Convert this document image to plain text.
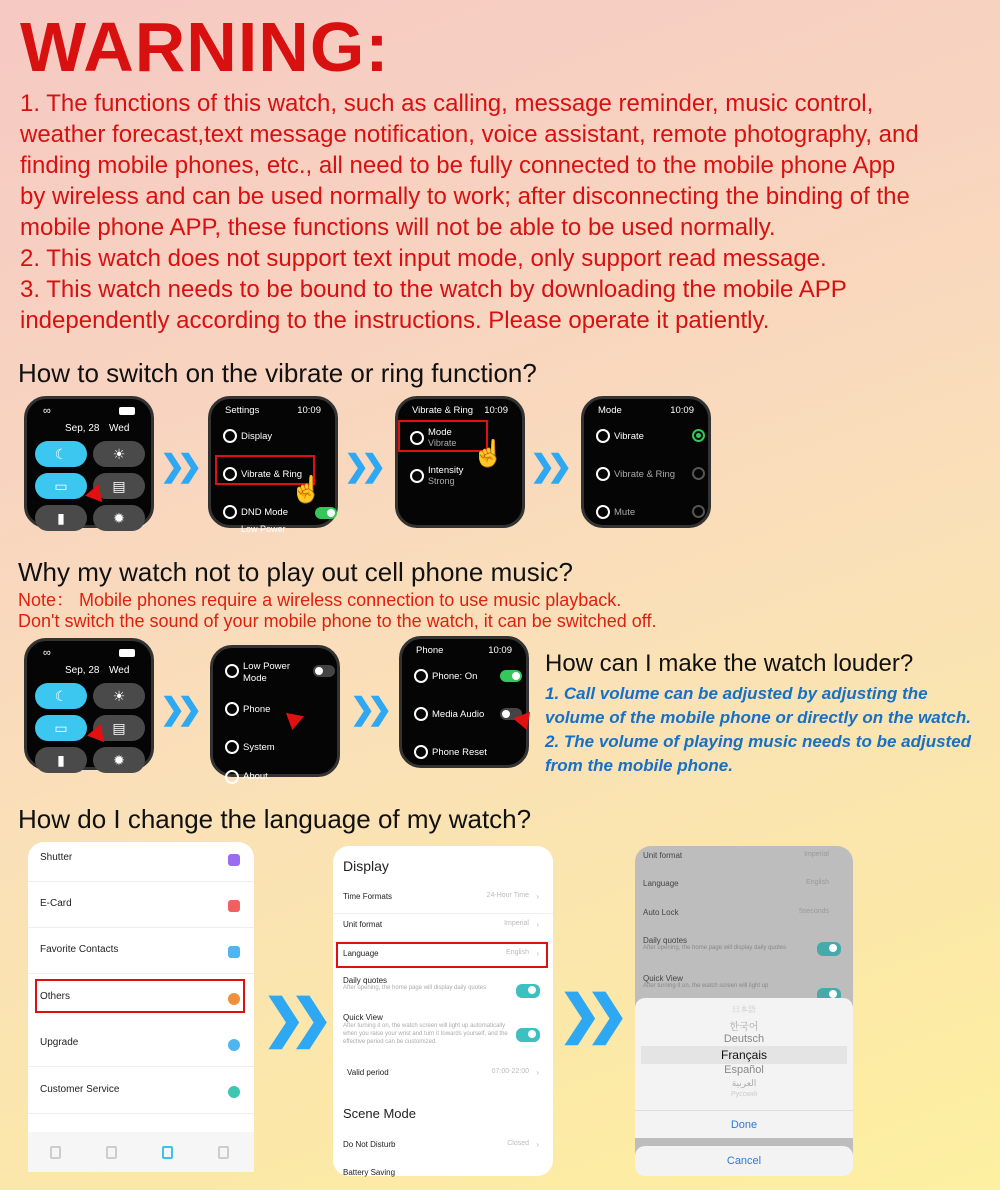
WARNING:

1. The functions of this watch, such as calling, message reminder, music control,

weather forecast,text message notification, voice assistant, remote photography, and

finding mobile phones, etc., all need to be fully connected to the mobile phone App

by wireless and can be used normally to work; after disconnecting the binding of the

mobile phone APP, these functions will not be able to be used normally.

2. This watch does not support text input mode, only support read message.

3. This watch needs to be bound to the watch by downloading the mobile APP

independently according to the instructions. Please operate it patiently.

How to switch on the vibrate or ring function?
∞
Sep, 28 Wed
☾	☀
▭	▤
▮	✹
❯❯
Settings	10:09
Display
Vibrate & Ring
DND Mode
Low Power
☝
❯❯
Vibrate & Ring 10:09
Mode
Vibrate
Intensity
Strong
☝ ❯❯
Mode	10:09
Vibrate
Vibrate & Ring
Mute
Why my watch not to play out cell phone music?
Note： Mobile phones require a wireless connection to use music playback.
Don't switch the sound of your mobile phone to the watch, it can be switched off.
∞
Sep, 28 Wed
☾	☀
▭	▤
▮	✹
❯❯
Low Power Mode
Phone
System
About
❯❯
Phone	10:09
Phone: On
Media Audio
Phone Reset
How can I make the watch louder?
1. Call volume can be adjusted by adjusting the
volume of the mobile phone or directly on the watch.
2. The volume of playing music needs to be adjusted
from the mobile phone.
How do I change the language of my watch?
Shutter
E-Card
Favorite Contacts
Others
Upgrade
Customer Service
❯❯
Display
Time Formats	24-Hour Time ›
Unit format	Imperial ›
Language	English ›
Daily quotes
After opening, the home page will display daily quotes
Quick View
After turning it on, the watch screen will light up automatically when you raise your wrist and turn it towards yourself, and the effective period can be customized.
Valid period	07:00-22:00 ›
Scene Mode
Do Not Disturb	Closed ›
Battery Saving
❯❯
Unit format	Imperial ›
Language	English ›
Auto Lock	5seconds ›
Daily quotes
After opening, the home page will display daily quotes
Quick View
After turning it on, the watch screen will light up
日本語
한국어
Deutsch
Français
Español
العربية
Pусский
Done
Cancel
